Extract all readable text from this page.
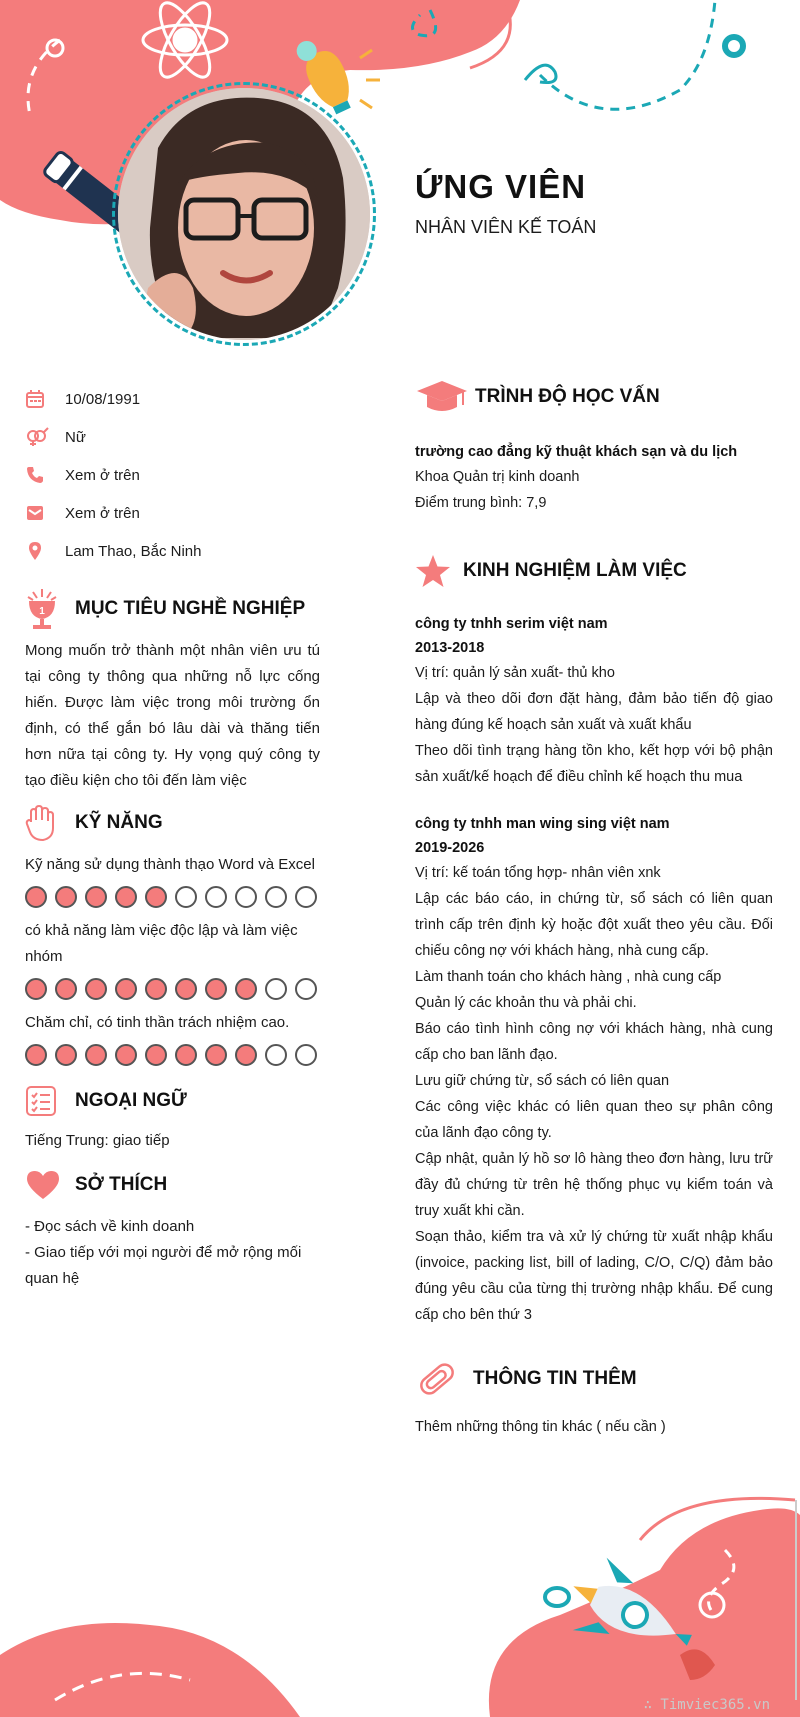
ỨNG VIÊN
NHÂN VIÊN KẾ TOÁN
10/08/1991
Nữ
Xem ở trên
Xem ở trên
Lam Thao, Bắc Ninh
1 MỤC TIÊU NGHỀ NGHIỆP

Mong muốn trở thành một nhân viên ưu tú tại công ty thông qua những nỗ lực cống hiến. Được làm việc trong môi trường ổn định, có thể gắn bó lâu dài và thăng tiến hơn nữa tại công ty. Hy vọng quý công ty tạo điều kiện cho tôi đến làm việc

KỸ NĂNG
Kỹ năng sử dụng thành thạo Word và Excel
có khả năng làm việc độc lập và làm việc nhóm
Chăm chỉ, có tinh thần trách nhiệm cao.
NGOẠI NGỮ

Tiếng Trung: giao tiếp

SỞ THÍCH

- Đọc sách về kinh doanh

- Giao tiếp với mọi người để mở rộng mối quan hệ

TRÌNH ĐỘ HỌC VẤN
trường cao đẳng kỹ thuật khách sạn và du lịch
Khoa Quản trị kinh doanh
Điểm trung bình: 7,9
KINH NGHIỆM LÀM VIỆC
công ty tnhh serim việt nam
2013-2018
Vị trí: quản lý sản xuất- thủ kho
Lập và theo dõi đơn đặt hàng, đảm bảo tiến độ giao hàng đúng kế hoạch sản xuất và xuất khẩu
Theo dõi tình trạng hàng tồn kho, kết hợp với bộ phận sản xuất/kế hoạch để điều chỉnh kế hoạch thu mua
công ty tnhh man wing sing việt nam
2019-2026
Vị trí: kế toán tổng hợp- nhân viên xnk
Lập các báo cáo, in chứng từ, sổ sách có liên quan trình cấp trên định kỳ hoặc đột xuất theo yêu cầu. Đối chiếu công nợ với khách hàng, nhà cung cấp.
Làm thanh toán cho khách hàng , nhà cung cấp
Quản lý các khoản thu và phải chi.
Báo cáo tình hình công nợ với khách hàng, nhà cung cấp cho ban lãnh đạo.
Lưu giữ chứng từ, sổ sách có liên quan
Các công việc khác có liên quan theo sự phân công của lãnh đạo công ty.
Cập nhật, quản lý hồ sơ lô hàng theo đơn hàng, lưu trữ đầy đủ chứng từ trên hệ thống phục vụ kiểm toán và truy xuất khi cần.
Soạn thảo, kiểm tra và xử lý chứng từ xuất nhập khẩu (invoice, packing list, bill of lading, C/O, C/Q) đảm bảo đúng yêu cầu của từng thị trường nhập khẩu. Để cung cấp cho bên thứ 3
THÔNG TIN THÊM
Thêm những thông tin khác ( nếu cần )
∴ Timviec365.vn
